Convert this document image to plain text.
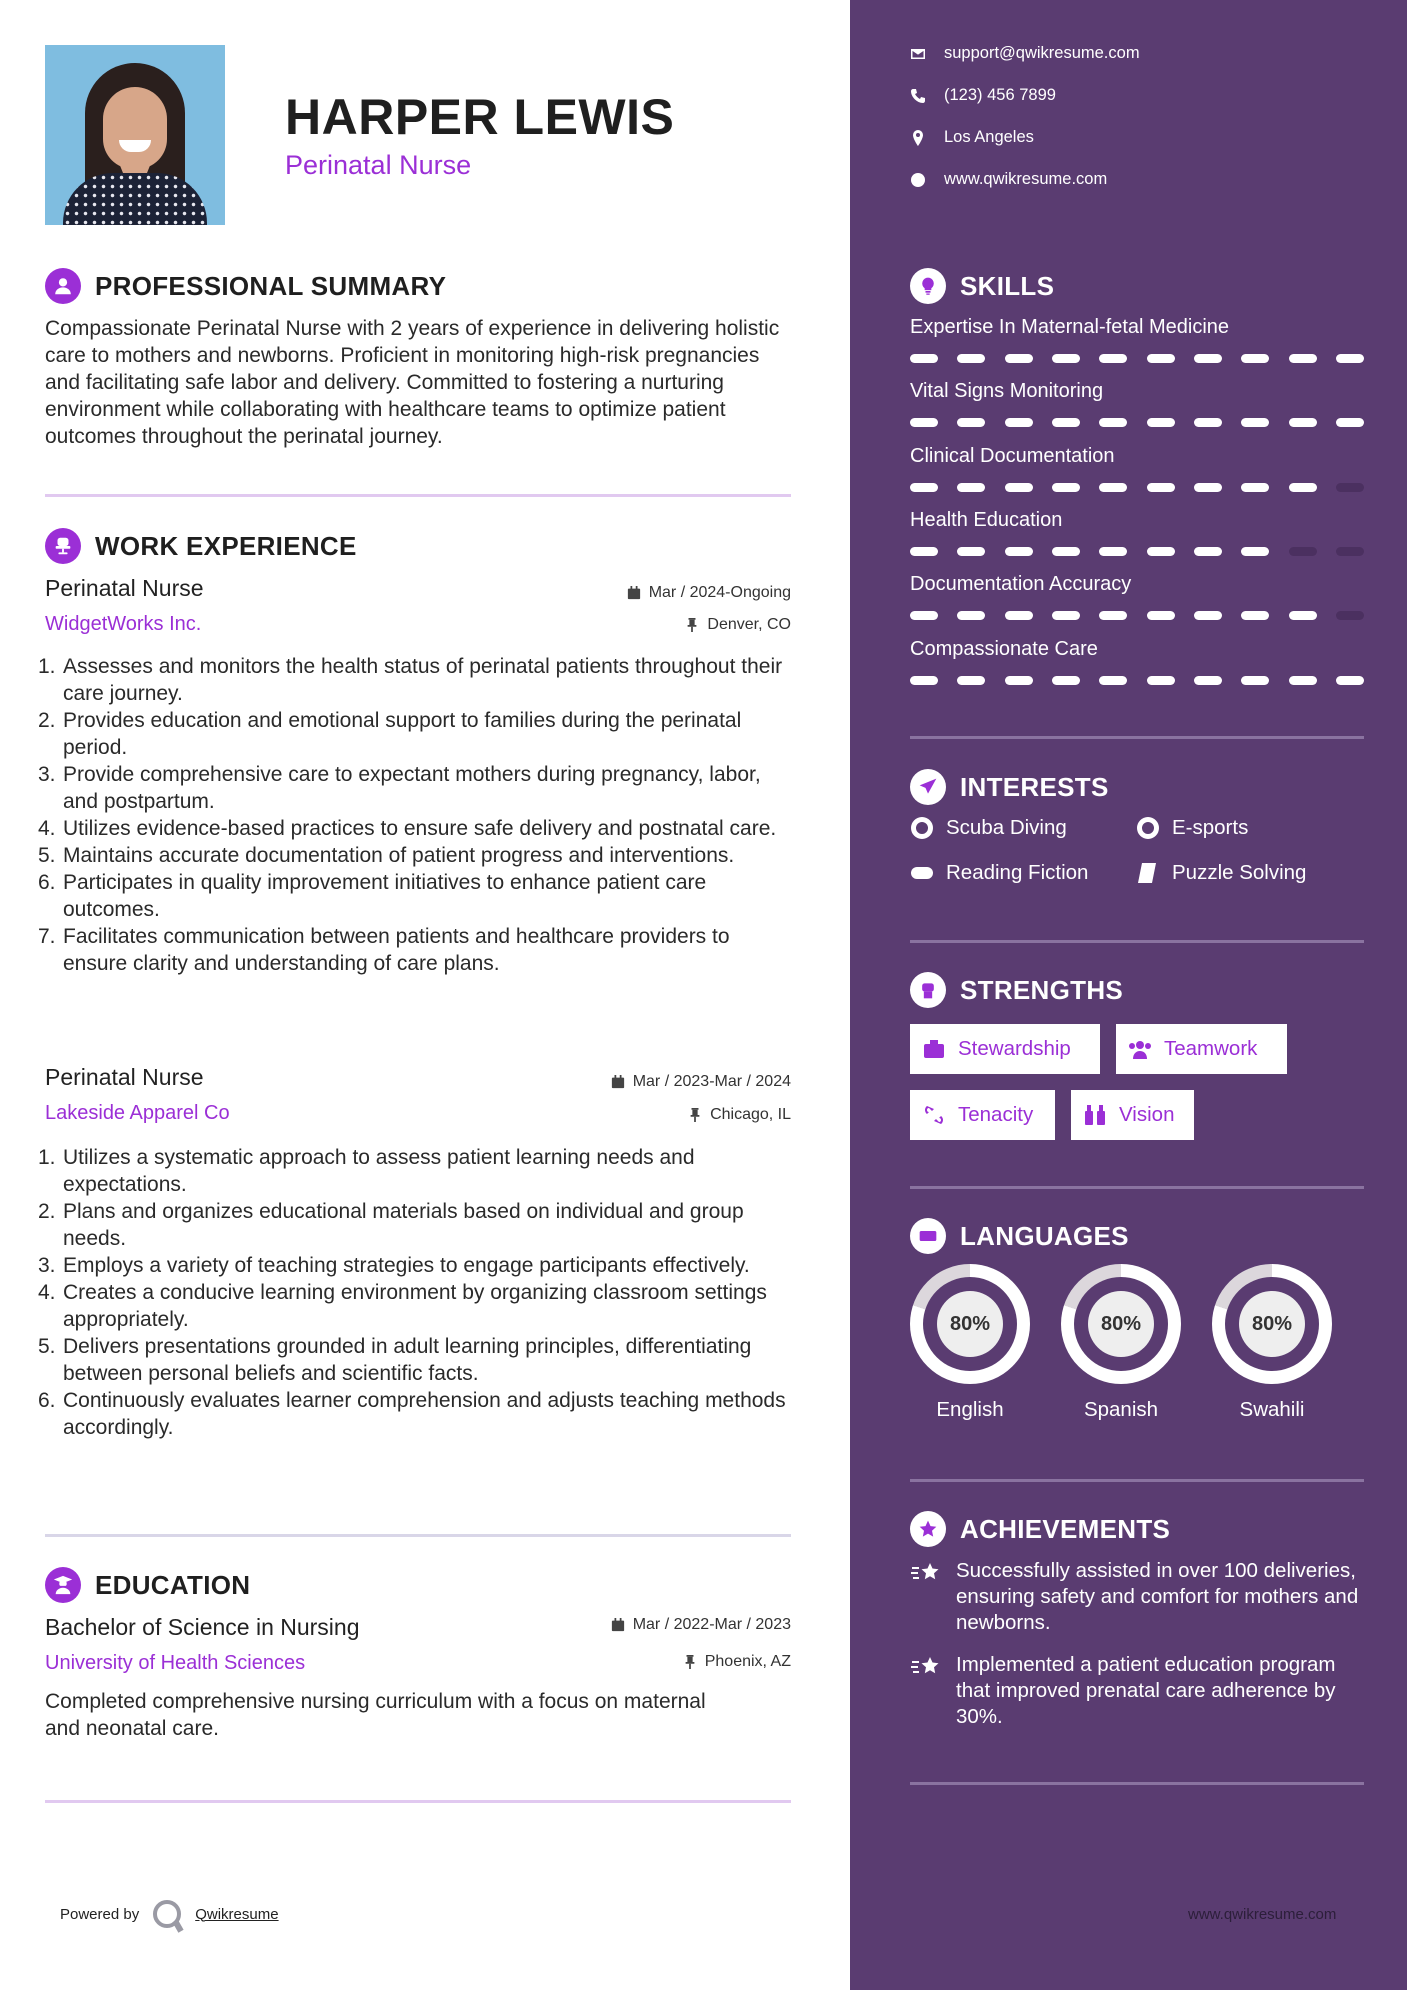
HARPER LEWIS
Perinatal Nurse
PROFESSIONAL SUMMARY
Compassionate Perinatal Nurse with 2 years of experience in delivering holistic care to mothers and newborns. Proficient in monitoring high-risk pregnancies and facilitating safe labor and delivery. Committed to fostering a nurturing environment while collaborating with healthcare teams to optimize patient outcomes throughout the perinatal journey.
WORK EXPERIENCE
Perinatal Nurse	Mar / 2024-Ongoing
WidgetWorks Inc.	Denver, CO
1. Assesses and monitors the health status of perinatal patients throughout their care journey.
2. Provides education and emotional support to families during the perinatal period.
3. Provide comprehensive care to expectant mothers during pregnancy, labor, and postpartum.
4. Utilizes evidence-based practices to ensure safe delivery and postnatal care.
5. Maintains accurate documentation of patient progress and interventions.
6. Participates in quality improvement initiatives to enhance patient care outcomes.
7. Facilitates communication between patients and healthcare providers to ensure clarity and understanding of care plans.
Perinatal Nurse	Mar / 2023-Mar / 2024
Lakeside Apparel Co	Chicago, IL
1. Utilizes a systematic approach to assess patient learning needs and expectations.
2. Plans and organizes educational materials based on individual and group needs.
3. Employs a variety of teaching strategies to engage participants effectively.
4. Creates a conducive learning environment by organizing classroom settings appropriately.
5. Delivers presentations grounded in adult learning principles, differentiating between personal beliefs and scientific facts.
6. Continuously evaluates learner comprehension and adjusts teaching methods accordingly.
EDUCATION
Bachelor of Science in Nursing	Mar / 2022-Mar / 2023
University of Health Sciences	Phoenix, AZ
Completed comprehensive nursing curriculum with a focus on maternal and neonatal care.
Powered by	Qwikresume
support@qwikresume.com
(123) 456 7899
Los Angeles
www.qwikresume.com
SKILLS
Expertise In Maternal-fetal Medicine
Vital Signs Monitoring
Clinical Documentation
Health Education
Documentation Accuracy
Compassionate Care
INTERESTS
Scuba Diving	E-sports
Reading Fiction	Puzzle Solving
STRENGTHS
Stewardship	Teamwork
Tenacity	Vision
LANGUAGES
80%
English
80%
Spanish
80%
Swahili
ACHIEVEMENTS
Successfully assisted in over 100 deliveries, ensuring safety and comfort for mothers and newborns.
Implemented a patient education program that improved prenatal care adherence by 30%.
www.qwikresume.com
